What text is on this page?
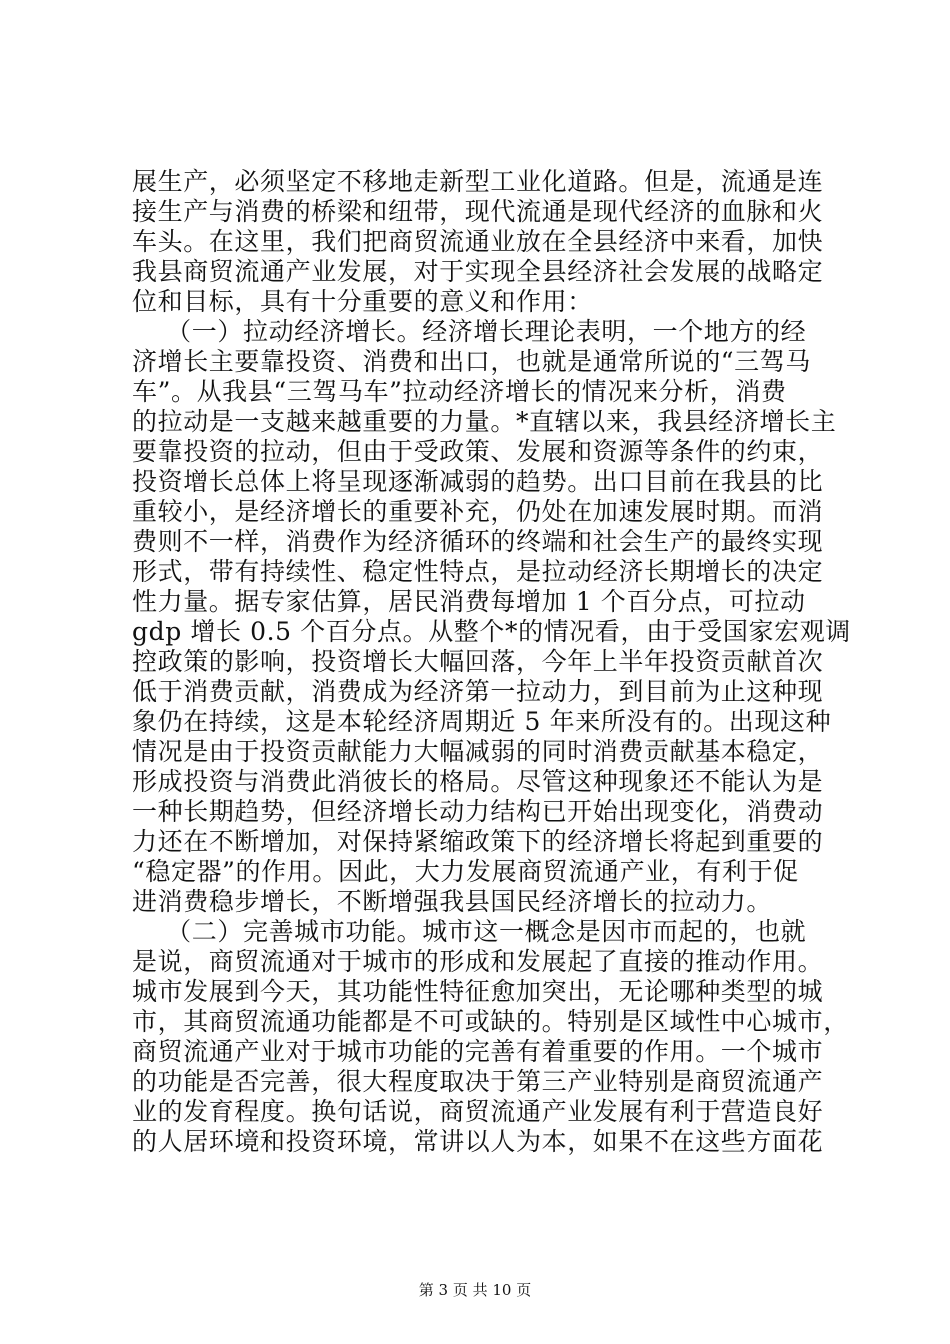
展生产，必须坚定不移地走新型工业化道路。但是，流通是连
接生产与消费的桥梁和纽带，现代流通是现代经济的血脉和火
车头。在这里，我们把商贸流通业放在全县经济中来看，加快
我县商贸流通产业发展，对于实现全县经济社会发展的战略定
位和目标，具有十分重要的意义和作用：
（一）拉动经济增长。经济增长理论表明，一个地方的经
济增长主要靠投资、消费和出口，也就是通常所说的“三驾马
车”。从我县“三驾马车”拉动经济增长的情况来分析，消费
的拉动是一支越来越重要的力量。*直辖以来，我县经济增长主
要靠投资的拉动，但由于受政策、发展和资源等条件的约束，
投资增长总体上将呈现逐渐减弱的趋势。出口目前在我县的比
重较小，是经济增长的重要补充，仍处在加速发展时期。而消
费则不一样，消费作为经济循环的终端和社会生产的最终实现
形式，带有持续性、稳定性特点，是拉动经济长期增长的决定
性力量。据专家估算，居民消费每增加 1 个百分点，可拉动
gdp 增长 0.5 个百分点。从整个*的情况看，由于受国家宏观调
控政策的影响，投资增长大幅回落，今年上半年投资贡献首次
低于消费贡献，消费成为经济第一拉动力，到目前为止这种现
象仍在持续，这是本轮经济周期近 5 年来所没有的。出现这种
情况是由于投资贡献能力大幅减弱的同时消费贡献基本稳定，
形成投资与消费此消彼长的格局。尽管这种现象还不能认为是
一种长期趋势，但经济增长动力结构已开始出现变化，消费动
力还在不断增加，对保持紧缩政策下的经济增长将起到重要的
“稳定器”的作用。因此，大力发展商贸流通产业，有利于促
进消费稳步增长，不断增强我县国民经济增长的拉动力。
（二）完善城市功能。城市这一概念是因市而起的，也就
是说，商贸流通对于城市的形成和发展起了直接的推动作用。
城市发展到今天，其功能性特征愈加突出，无论哪种类型的城
市，其商贸流通功能都是不可或缺的。特别是区域性中心城市，
商贸流通产业对于城市功能的完善有着重要的作用。一个城市
的功能是否完善，很大程度取决于第三产业特别是商贸流通产
业的发育程度。换句话说，商贸流通产业发展有利于营造良好
的人居环境和投资环境，常讲以人为本，如果不在这些方面花
第 3 页 共 10 页
